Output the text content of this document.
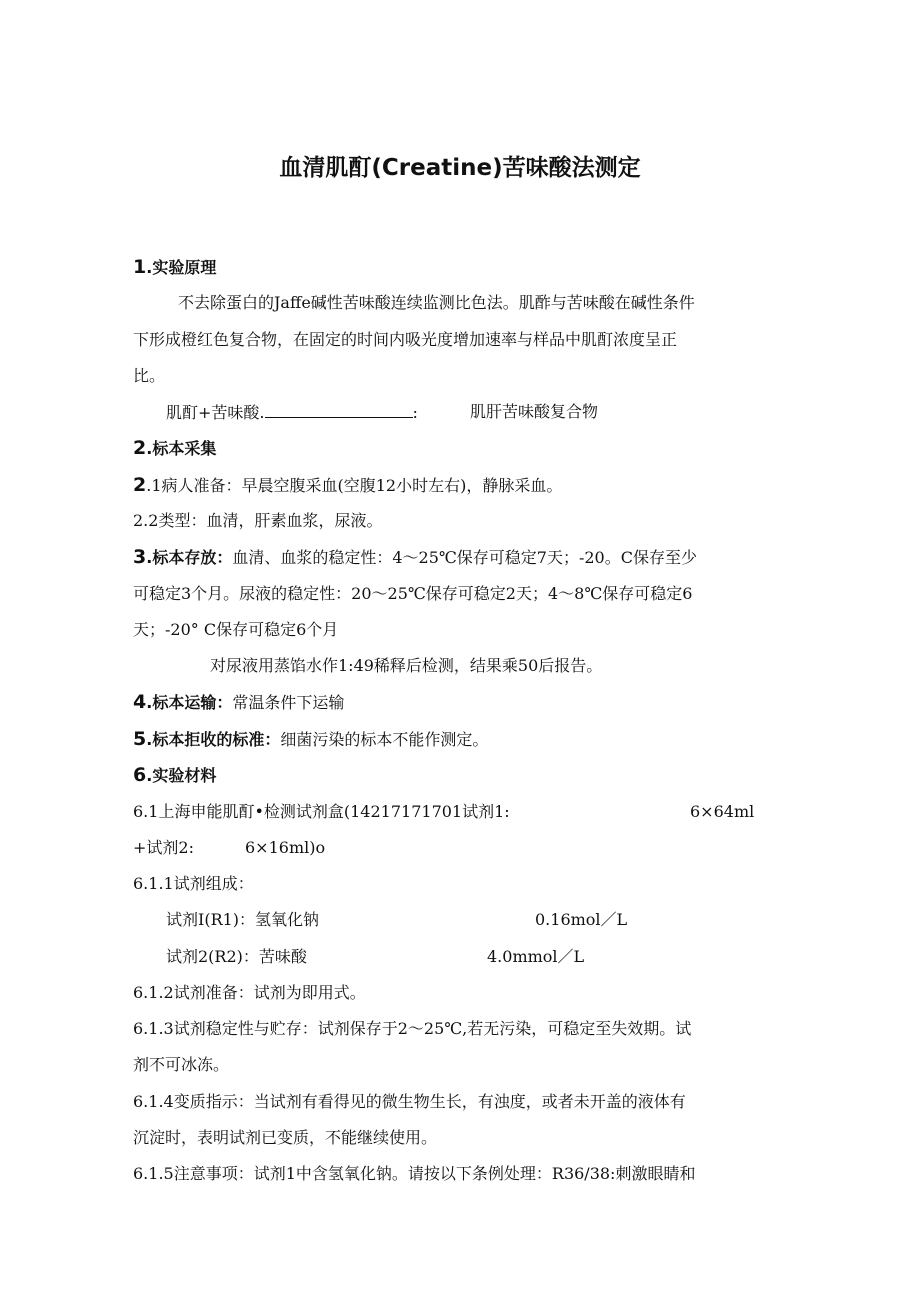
血清肌酊(Creatine)苦味酸法测定
1.实验原理
不去除蛋白的Jaffe碱性苦味酸连续监测比色法。肌酢与苦味酸在碱性条件
下形成橙红色复合物，在固定的时间内吸光度增加速率与样品中肌酊浓度呈正
比。
肌酊+苦味酸.	:	肌肝苦味酸复合物
2.标本采集
2.1病人准备：早晨空腹采血(空腹12小时左右)，静脉采血。
2.2类型：血清，肝素血浆，尿液。
3.标本存放：血清、血浆的稳定性：4～25℃保存可稳定7天；-20。C保存至少
可稳定3个月。尿液的稳定性：20～25℃保存可稳定2天；4～8℃保存可稳定6
天；-20° C保存可稳定6个月
对尿液用蒸馅水作1:49稀释后检测，结果乘50后报告。
4.标本运输：常温条件下运输
5.标本拒收的标准：细菌污染的标本不能作测定。
6.实验材料
6.1上海申能肌酊•检测试剂盒(14217171701试剂1:	6×64ml
+试剂2:	6×16ml)o
6.1.1试剂组成：
试剂I(R1)：氢氧化钠	0.16mol／L
试剂2(R2)：苦味酸	4.0mmol／L
6.1.2试剂准备：试剂为即用式。
6.1.3试剂稳定性与贮存：试剂保存于2～25℃,若无污染，可稳定至失效期。试
剂不可冰冻。
6.1.4变质指示：当试剂有看得见的微生物生长，有浊度，或者未开盖的液体有
沉淀时，表明试剂已变质，不能继续使用。
6.1.5注意事项：试剂1中含氢氧化钠。请按以下条例处理：R36/38:刺激眼睛和
